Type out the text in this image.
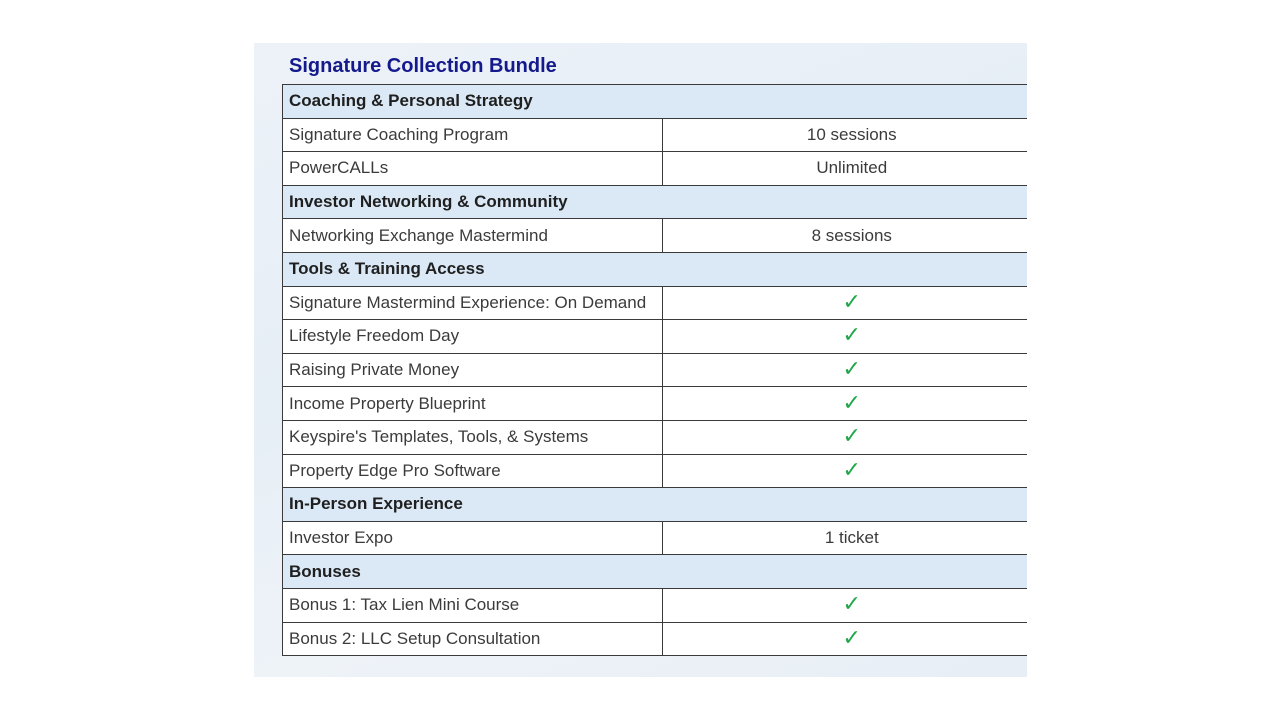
Signature Collection Bundle
Coaching & Personal Strategy	
Signature Coaching Program	10 sessions
PowerCALLs	Unlimited
Investor Networking & Community	
Networking Exchange Mastermind	8 sessions
Tools & Training Access	
Signature Mastermind Experience: On Demand	✓
Lifestyle Freedom Day	✓
Raising Private Money	✓
Income Property Blueprint	✓
Keyspire's Templates, Tools, & Systems	✓
Property Edge Pro Software	✓
In-Person Experience	
Investor Expo	1 ticket
Bonuses	
Bonus 1: Tax Lien Mini Course	✓
Bonus 2: LLC Setup Consultation	✓
